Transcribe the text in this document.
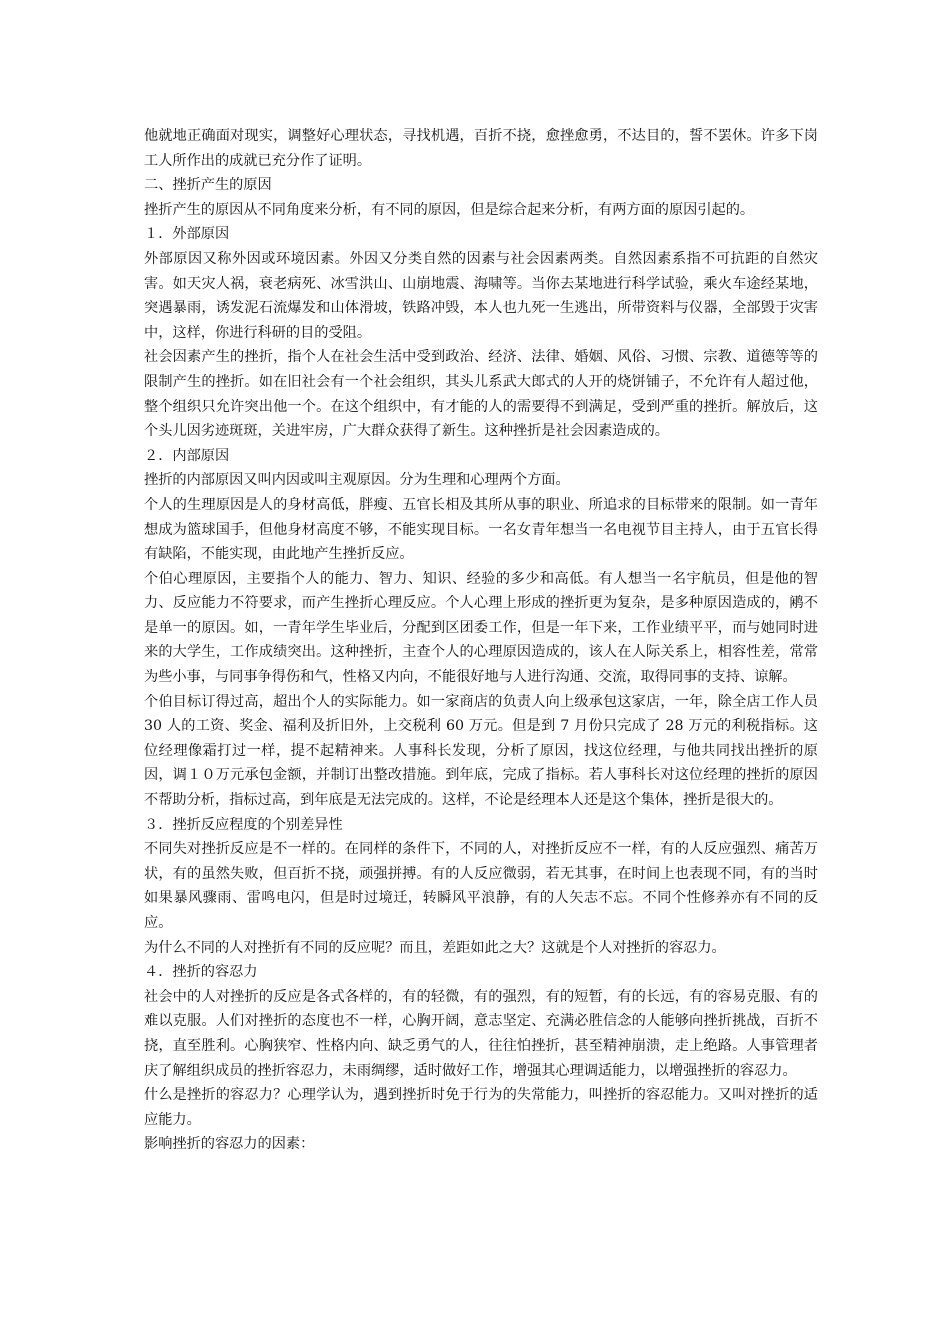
他就地正确面对现实，调整好心理状态，寻找机遇，百折不挠，愈挫愈勇，不达目的，誓不罢休。许多下岗工人所作出的成就已充分作了证明。

二、挫折产生的原因

挫折产生的原因从不同角度来分析，有不同的原因，但是综合起来分析，有两方面的原因引起的。

１．外部原因

外部原因又称外因或环境因素。外因又分类自然的因素与社会因素两类。自然因素系指不可抗距的自然灾害。如天灾人祸，衰老病死、冰雪洪山、山崩地震、海啸等。当你去某地进行科学试验，乘火车途经某地，突遇暴雨，诱发泥石流爆发和山体滑坡，铁路冲毁，本人也九死一生逃出，所带资料与仪器，全部毁于灾害中，这样，你进行科研的目的受阻。

社会因素产生的挫折，指个人在社会生活中受到政治、经济、法律、婚姻、风俗、习惯、宗教、道德等等的限制产生的挫折。如在旧社会有一个社会组织，其头儿系武大郎式的人开的烧饼铺子，不允许有人超过他，整个组织只允许突出他一个。在这个组织中，有才能的人的需要得不到满足，受到严重的挫折。解放后，这个头儿因劣迹斑斑，关进牢房，广大群众获得了新生。这种挫折是社会因素造成的。

２．内部原因

挫折的内部原因又叫内因或叫主观原因。分为生理和心理两个方面。

个人的生理原因是人的身材高低，胖瘦、五官长相及其所从事的职业、所追求的目标带来的限制。如一青年想成为篮球国手，但他身材高度不够，不能实现目标。一名女青年想当一名电视节目主持人，由于五官长得有缺陷，不能实现，由此地产生挫折反应。

个伯心理原因，主要指个人的能力、智力、知识、经验的多少和高低。有人想当一名宇航员，但是他的智力、反应能力不符要求，而产生挫折心理反应。个人心理上形成的挫折更为复杂，是多种原因造成的，鹇不是单一的原因。如，一青年学生毕业后，分配到区团委工作，但是一年下来，工作业绩平平，而与她同时进来的大学生，工作成绩突出。这种挫折，主查个人的心理原因造成的，该人在人际关系上，相容性差，常常为些小事，与同事争得伤和气，性格又内向，不能很好地与人进行沟通、交流，取得同事的支持、谅解。

个伯目标订得过高，超出个人的实际能力。如一家商店的负责人向上级承包这家店，一年，除全店工作人员 30 人的工资、奖金、福利及折旧外，上交税利 60 万元。但是到 7 月份只完成了 28 万元的利税指标。这位经理像霜打过一样，提不起精神来。人事科长发现，分析了原因，找这位经理，与他共同找出挫折的原因，调１０万元承包金额，并制订出整改措施。到年底，完成了指标。若人事科长对这位经理的挫折的原因不帮助分析，指标过高，到年底是无法完成的。这样，不论是经理本人还是这个集体，挫折是很大的。

３．挫折反应程度的个别差异性

不同失对挫折反应是不一样的。在同样的条件下，不同的人，对挫折反应不一样，有的人反应强烈、痛苦万状，有的虽然失败，但百折不挠，顽强拼搏。有的人反应微弱，若无其事，在时间上也表现不同，有的当时如果暴风骤雨、雷鸣电闪，但是时过境迁，转瞬风平浪静，有的人矢志不忘。不同个性修养亦有不同的反应。

为什么不同的人对挫折有不同的反应呢？而且，差距如此之大？这就是个人对挫折的容忍力。

４．挫折的容忍力

社会中的人对挫折的反应是各式各样的，有的轻微，有的强烈，有的短暂，有的长远，有的容易克服、有的难以克服。人们对挫折的态度也不一样，心胸开阔，意志坚定、充满必胜信念的人能够向挫折挑战，百折不挠，直至胜利。心胸狭窄、性格内向、缺乏勇气的人，往往怕挫折，甚至精神崩溃，走上绝路。人事管理者庆了解组织成员的挫折容忍力，未雨绸缪，适时做好工作，增强其心理调适能力，以增强挫折的容忍力。

什么是挫折的容忍力？心理学认为，遇到挫折时免于行为的失常能力，叫挫折的容忍能力。又叫对挫折的适应能力。

影响挫折的容忍力的因素：
